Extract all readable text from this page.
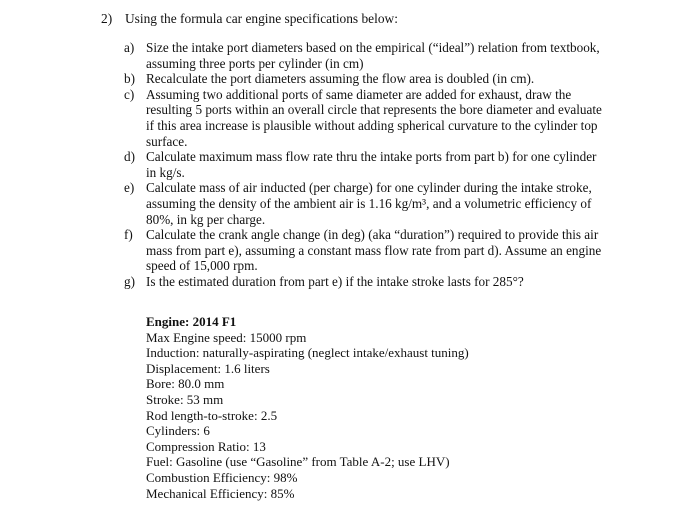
2) Using the formula car engine specifications below:
a) Size the intake port diameters based on the empirical (“ideal”) relation from textbook, assuming three ports per cylinder (in cm)
b) Recalculate the port diameters assuming the flow area is doubled (in cm).
c) Assuming two additional ports of same diameter are added for exhaust, draw the resulting 5 ports within an overall circle that represents the bore diameter and evaluate if this area increase is plausible without adding spherical curvature to the cylinder top surface.
d) Calculate maximum mass flow rate thru the intake ports from part b) for one cylinder in kg/s.
e) Calculate mass of air inducted (per charge) for one cylinder during the intake stroke, assuming the density of the ambient air is 1.16 kg/m³, and a volumetric efficiency of 80%, in kg per charge.
f) Calculate the crank angle change (in deg) (aka “duration”) required to provide this air mass from part e), assuming a constant mass flow rate from part d). Assume an engine speed of 15,000 rpm.
g) Is the estimated duration from part e) if the intake stroke lasts for 285°?
Engine: 2014 F1
Max Engine speed: 15000 rpm
Induction: naturally-aspirating (neglect intake/exhaust tuning)
Displacement: 1.6 liters
Bore: 80.0 mm
Stroke: 53 mm
Rod length-to-stroke: 2.5
Cylinders: 6
Compression Ratio: 13
Fuel: Gasoline (use “Gasoline” from Table A-2; use LHV)
Combustion Efficiency: 98%
Mechanical Efficiency: 85%
